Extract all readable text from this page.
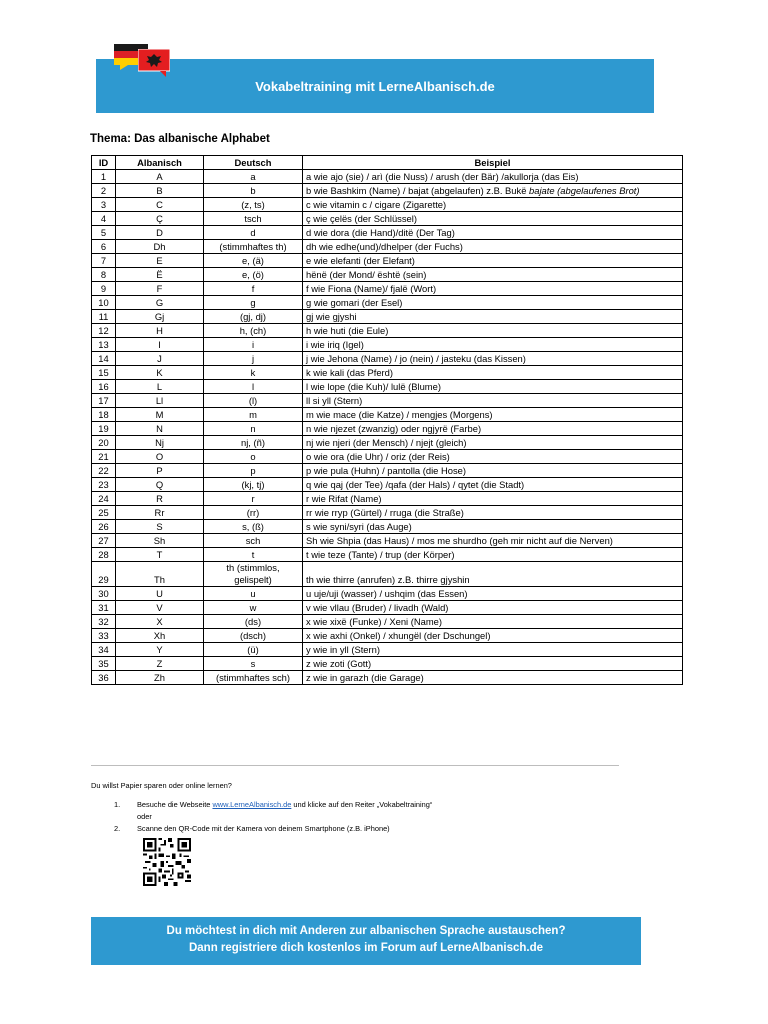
Vokabeltraining mit LerneAlbanisch.de
Thema: Das albanische Alphabet
ID	Albanisch	Deutsch	Beispiel
1	A	a	a wie ajo (sie) / arì (die Nuss) / arush (der Bär) /akullorja (das Eis)
2	B	b	b wie Bashkim (Name) / bajat (abgelaufen) z.B. Bukë bajate (abgelaufenes Brot)
3	C	(z, ts)	c wie vitamin c / cigare (Zigarette)
4	Ç	tsch	ç wie çelës (der Schlüssel)
5	D	d	d wie dora (die Hand)/ditë (Der Tag)
6	Dh	(stimmhaftes th)	dh wie edhe(und)/dhelper (der Fuchs)
7	E	e, (ä)	e wie elefanti (der Elefant)
8	Ë	e, (ö)	hënë (der Mond/ është (sein)
9	F	f	f wie Fiona (Name)/ fjalë (Wort)
10	G	g	g wie gomari (der Esel)
11	Gj	(gj, dj)	gj wie gjyshi
12	H	h, (ch)	h wie huti (die Eule)
13	I	i	i wie iriq (Igel)
14	J	j	j wie Jehona (Name) / jo (nein) / jasteku (das Kissen)
15	K	k	k wie kali (das Pferd)
16	L	l	l wie lope (die Kuh)/ lulë (Blume)
17	Ll	(l)	ll si yll (Stern)
18	M	m	m wie mace (die Katze) / mengjes (Morgens)
19	N	n	n wie njezet (zwanzig) oder ngjyrë (Farbe)
20	Nj	nj, (ñ)	nj wie njeri (der Mensch) / njejt (gleich)
21	O	o	o wie ora (die Uhr) / oriz (der Reis)
22	P	p	p wie pula (Huhn) / pantolla (die Hose)
23	Q	(kj, tj)	q wie qaj (der Tee) /qafa (der Hals) / qytet (die Stadt)
24	R	r	r wie Rifat (Name)
25	Rr	(rr)	rr wie rryp (Gürtel) / rruga (die Straße)
26	S	s, (ß)	s wie syni/syri (das Auge)
27	Sh	sch	Sh wie Shpia (das Haus) / mos me shurdho (geh mir nicht auf die Nerven)
28	T	t	t wie teze (Tante) / trup (der Körper)
29	Th	th (stimmlos, gelispelt)	th wie thirre (anrufen) z.B. thirre gjyshin
30	U	u	u uje/uji (wasser) / ushqim (das Essen)
31	V	w	v wie vllau (Bruder) / livadh (Wald)
32	X	(ds)	x wie xixë (Funke) / Xeni (Name)
33	Xh	(dsch)	x wie axhi (Onkel) / xhungël (der Dschungel)
34	Y	(ü)	y wie in yll (Stern)
35	Z	s	z wie zoti (Gott)
36	Zh	(stimmhaftes sch)	z wie in garazh (die Garage)
Du willst Papier sparen oder online lernen?
1. Besuche die Webseite www.LerneAlbanisch.de und klicke auf den Reiter „Vokabeltraining“
oder
2. Scanne den QR-Code mit der Kamera von deinem Smartphone (z.B. iPhone)
Du möchtest in dich mit Anderen zur albanischen Sprache austauschen?
Dann registriere dich kostenlos im Forum auf LerneAlbanisch.de
